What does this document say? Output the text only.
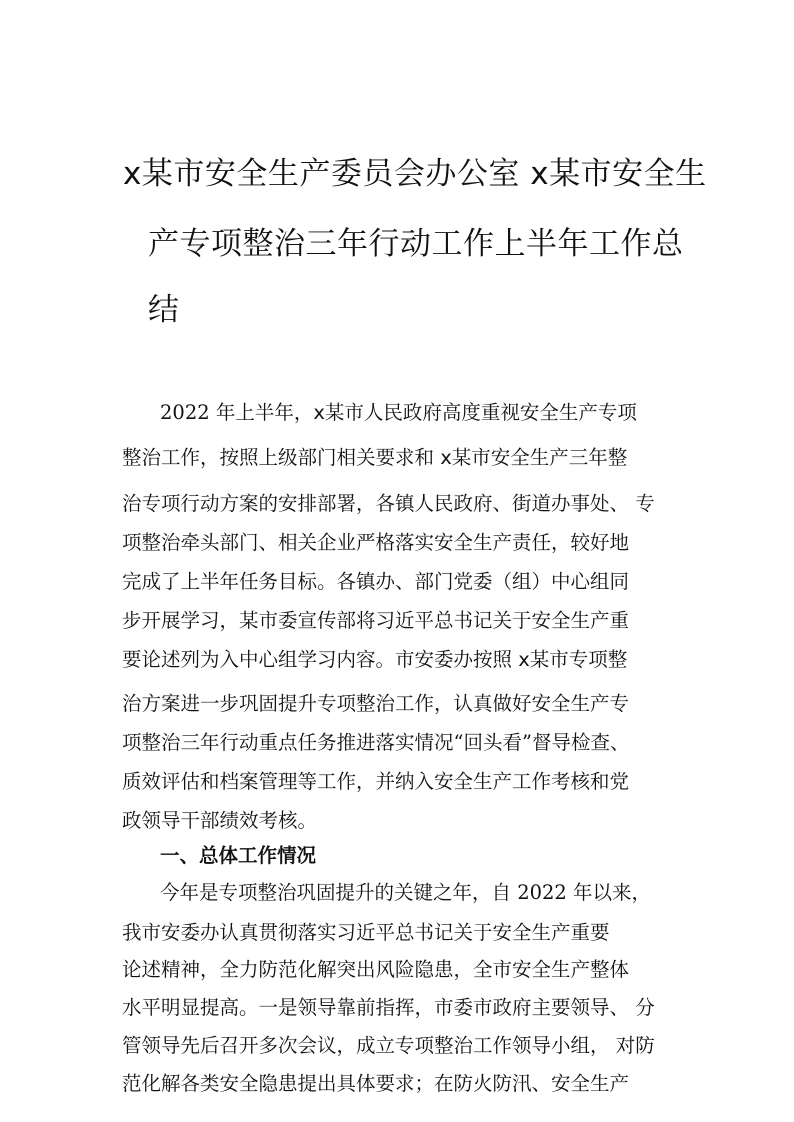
x某市安全生产委员会办公室 x某市安全生
产专项整治三年行动工作上半年工作总
结
2022 年上半年，x某市人民政府高度重视安全生产专项
整治工作，按照上级部门相关要求和 x某市安全生产三年整
治专项行动方案的安排部署，各镇人民政府、街道办事处、 专
项整治牵头部门、相关企业严格落实安全生产责任，较好地
完成了上半年任务目标。各镇办、部门党委（组）中心组同
步开展学习，某市委宣传部将习近平总书记关于安全生产重
要论述列为入中心组学习内容。市安委办按照 x某市专项整
治方案进一步巩固提升专项整治工作，认真做好安全生产专
项整治三年行动重点任务推进落实情况“回头看”督导检查、
质效评估和档案管理等工作，并纳入安全生产工作考核和党
政领导干部绩效考核。
一、总体工作情况
今年是专项整治巩固提升的关键之年，自 2022 年以来，
我市安委办认真贯彻落实习近平总书记关于安全生产重要
论述精神，全力防范化解突出风险隐患，全市安全生产整体
水平明显提高。一是领导靠前指挥，市委市政府主要领导、 分
管领导先后召开多次会议，成立专项整治工作领导小组， 对防
范化解各类安全隐患提出具体要求；在防火防汛、安全生产
